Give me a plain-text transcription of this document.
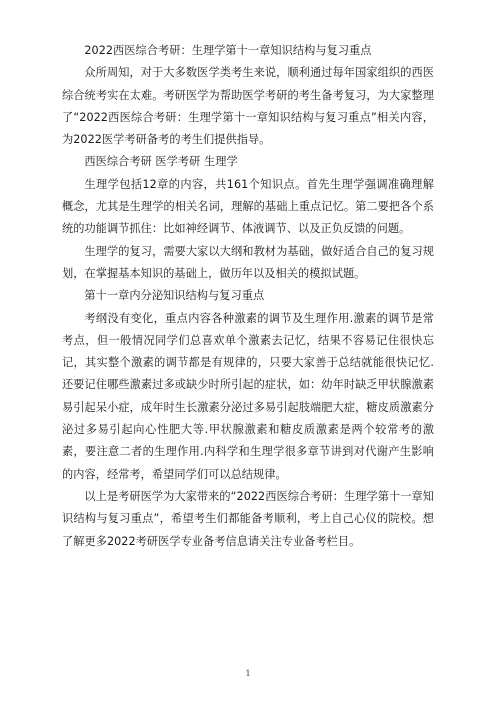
2022西医综合考研：生理学第十一章知识结构与复习重点

众所周知，对于大多数医学类考生来说，顺利通过每年国家组织的西医综合统考实在太难。考研医学为帮助医学考研的考生备考复习，为大家整理了“2022西医综合考研：生理学第十一章知识结构与复习重点”相关内容，为2022医学考研备考的考生们提供指导。

西医综合考研 医学考研 生理学

生理学包括12章的内容，共161个知识点。首先生理学强调准确理解概念，尤其是生理学的相关名词，理解的基础上重点记忆。第二要把各个系统的功能调节抓住：比如神经调节、体液调节、以及正负反馈的问题。

生理学的复习，需要大家以大纲和教材为基础，做好适合自己的复习规划，在掌握基本知识的基础上，做历年以及相关的模拟试题。

第十一章内分泌知识结构与复习重点

考纲没有变化，重点内容各种激素的调节及生理作用.激素的调节是常考点，但一般情况同学们总喜欢单个激素去记忆，结果不容易记住很快忘记，其实整个激素的调节都是有规律的，只要大家善于总结就能很快记忆.还要记住哪些激素过多或缺少时所引起的症状，如：幼年时缺乏甲状腺激素易引起呆小症，成年时生长激素分泌过多易引起肢端肥大症，糖皮质激素分泌过多易引起向心性肥大等.甲状腺激素和糖皮质激素是两个较常考的激素，要注意二者的生理作用.内科学和生理学很多章节讲到对代谢产生影响的内容，经常考，希望同学们可以总结规律。

以上是考研医学为大家带来的“2022西医综合考研：生理学第十一章知识结构与复习重点”，希望考生们都能备考顺利，考上自己心仪的院校。想了解更多2022考研医学专业备考信息请关注专业备考栏目。

1
